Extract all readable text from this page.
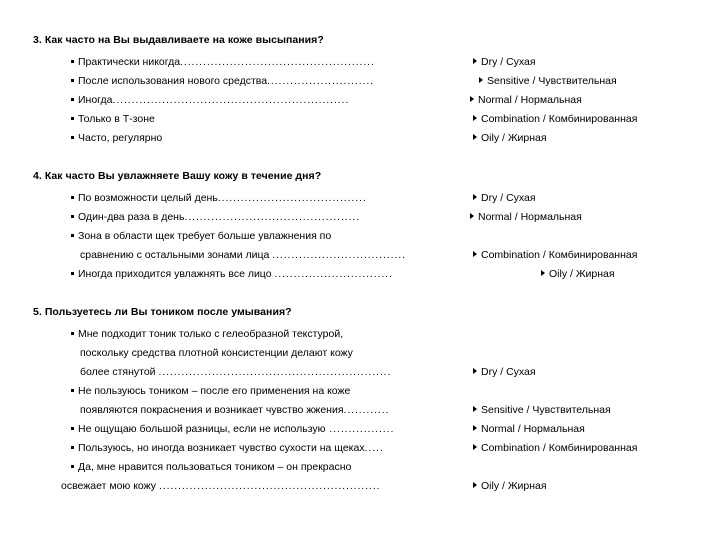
3. Как часто на Вы выдавливаете на коже высыпания?
Практически никогда...................................................	Dry / Сухая
После использования нового средства............................	Sensitive / Чувствительная
Иногда..............................................................	Normal / Нормальная
Только в Т-зоне	Combination / Комбинированная
Часто, регулярно	Oily / Жирная
4. Как часто Вы увлажняете Вашу кожу в течение дня?
По возможности целый день.......................................	Dry / Сухая
Один-два раза в день..............................................	Normal / Нормальная
Зона в области щек требует больше увлажнения по
сравнению с остальными зонами лица ...................................	Combination / Комбинированная
Иногда приходится увлажнять все лицо ...............................	Oily / Жирная
5. Пользуетесь ли Вы тоником после умывания?
Мне подходит тоник только с гелеобразной текстурой,
поскольку средства плотной консистенции делают кожу
более стянутой .............................................................	Dry / Сухая
Не пользуюсь тоником – после его применения на коже
появляются покраснения и возникает чувство жжения............	Sensitive / Чувствительная
Не ощущаю большой разницы, если не использую .................	Normal / Нормальная
Пользуюсь, но иногда возникает чувство сухости на щеках.....	Combination / Комбинированная
Да, мне нравится пользоваться тоником – он прекрасно
освежает мою кожу ..........................................................	Oily / Жирная
